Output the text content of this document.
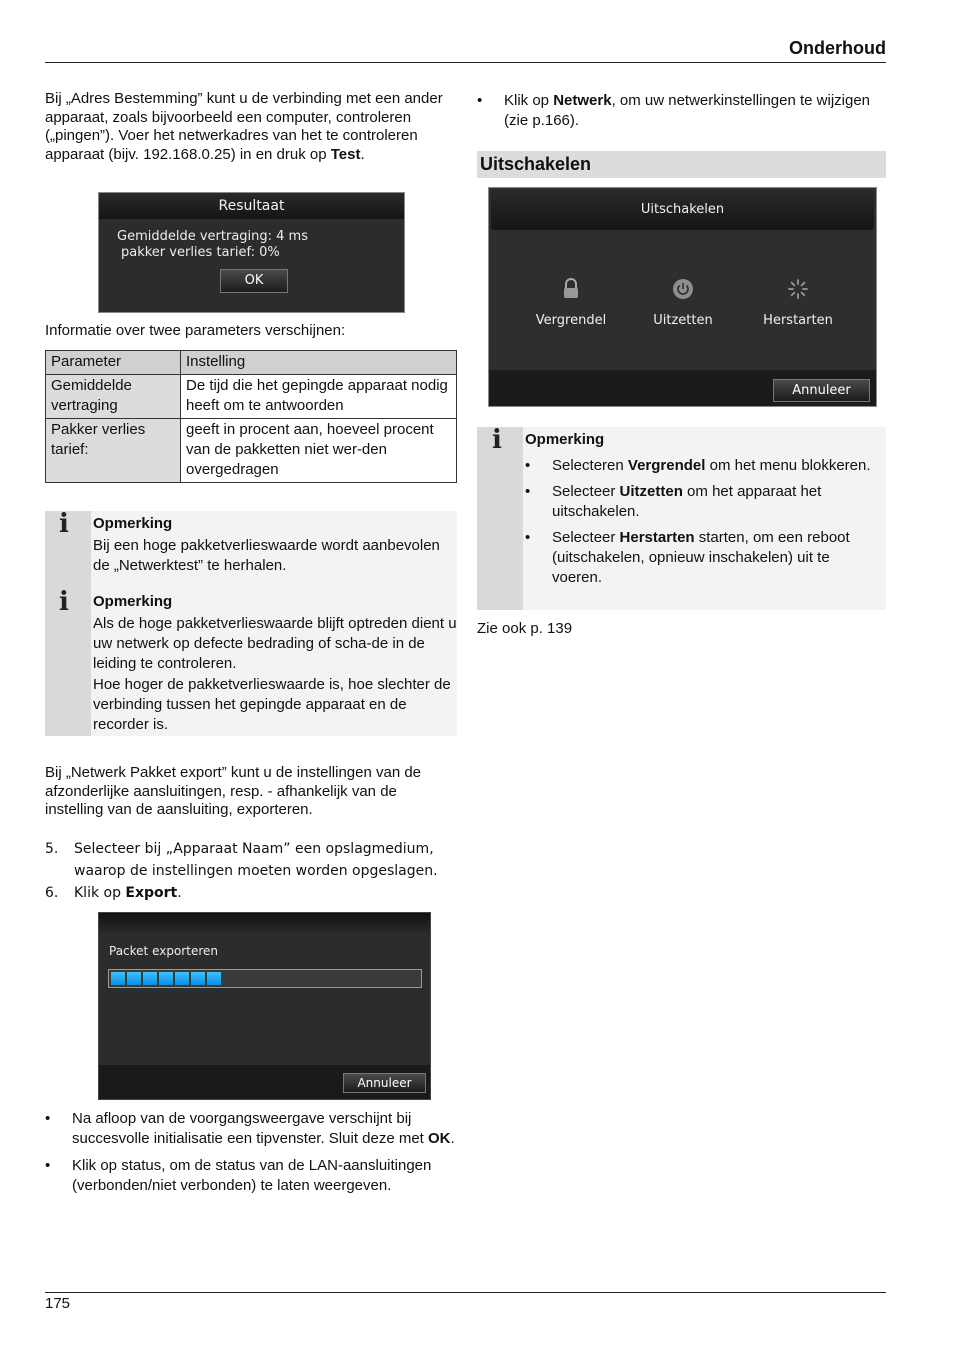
Onderhoud

Bij „Adres Bestemming” kunt u de verbinding met een ander apparaat, zoals bijvoorbeeld een computer, controleren („pingen”). Voer het netwerkadres van het te controleren apparaat (bijv. 192.168.0.25) in en druk op Test.

Resultaat
Gemiddelde vertraging: 4 ms
pakker verlies tarief: 0%
OK

Informatie over twee parameters verschijnen:

Parameter	Instelling
Gemiddelde vertraging	De tijd die het gepingde apparaat nodig heeft om te antwoorden
Pakker verlies tarief:	geeft in procent aan, hoeveel procent van de pakketten niet wer-den overgedragen
i
i
Opmerking
Bij een hoge pakketverlieswaarde wordt aanbevolen de „Netwerktest” te herhalen.
Opmerking
Als de hoge pakketverlieswaarde blijft optreden dient u uw netwerk op defecte bedrading of scha-de in de leiding te controleren.
Hoe hoger de pakketverlieswaarde is, hoe slechter de verbinding tussen het gepingde apparaat en de recorder is.

Bij „Netwerk Pakket export” kunt u de instellingen van de afzonderlijke aansluitingen, resp. - afhankelijk van de instelling van de aansluiting, exporteren.

5. Selecteer bij „Apparaat Naam” een opslagmedium, waarop de instellingen moeten worden opgeslagen.
6. Klik op Export.
Packet exporteren
Annuleer
• Na afloop van de voorgangsweergave verschijnt bij succesvolle initialisatie een tipvenster. Sluit deze met OK.
• Klik op status, om de status van de LAN-aansluitingen (verbonden/niet verbonden) te laten weergeven.
• Klik op Netwerk, om uw netwerkinstellingen te wijzigen (zie p.166).
Uitschakelen
Uitschakelen
Vergrendel	Uitzetten	Herstarten
Annuleer
i Opmerking
• Selecteren Vergrendel om het menu blokkeren.
• Selecteer Uitzetten om het apparaat het uitschakelen.
• Selecteer Herstarten starten, om een reboot (uitschakelen, opnieuw inschakelen) uit te voeren.

Zie ook p. 139

175
